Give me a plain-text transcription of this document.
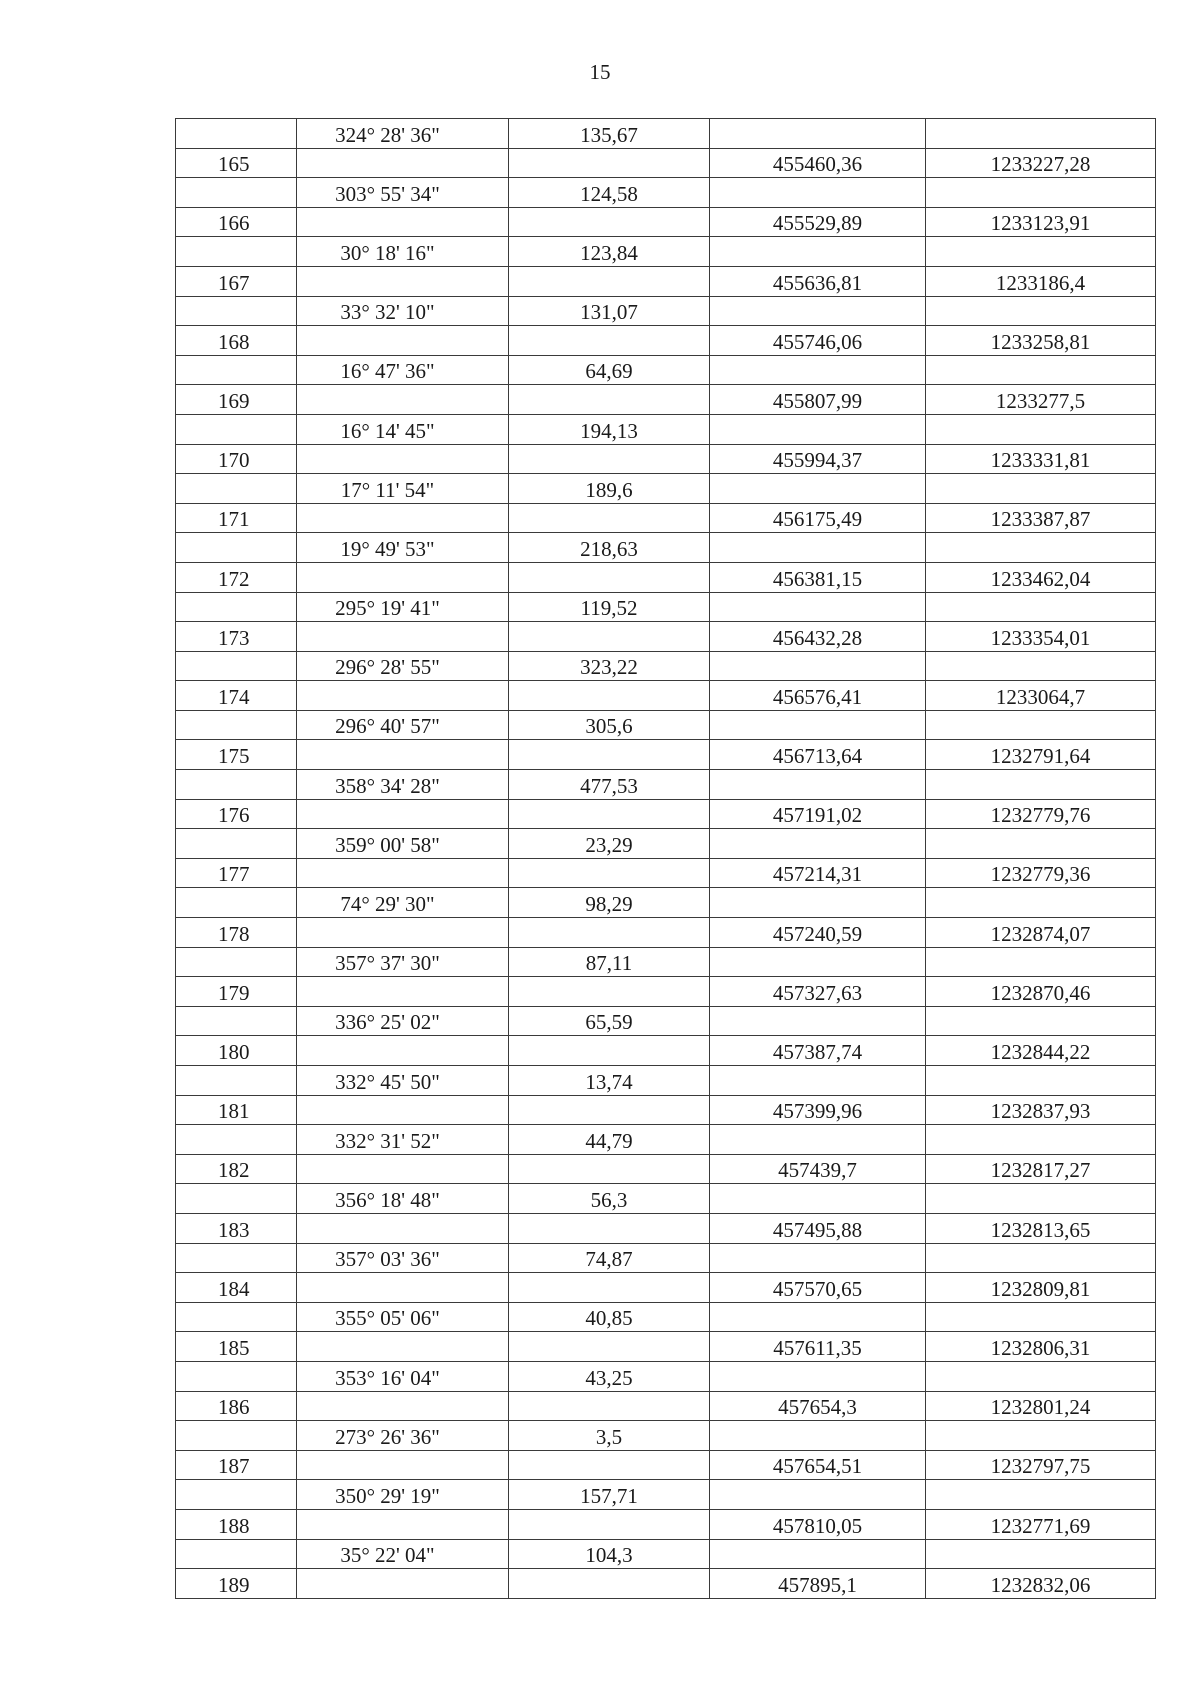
15
	324° 28' 36"	135,67		
165			455460,36	1233227,28
	303° 55' 34"	124,58		
166			455529,89	1233123,91
	30° 18' 16"	123,84		
167			455636,81	1233186,4
	33° 32' 10"	131,07		
168			455746,06	1233258,81
	16° 47' 36"	64,69		
169			455807,99	1233277,5
	16° 14' 45"	194,13		
170			455994,37	1233331,81
	17° 11' 54"	189,6		
171			456175,49	1233387,87
	19° 49' 53"	218,63		
172			456381,15	1233462,04
	295° 19' 41"	119,52		
173			456432,28	1233354,01
	296° 28' 55"	323,22		
174			456576,41	1233064,7
	296° 40' 57"	305,6		
175			456713,64	1232791,64
	358° 34' 28"	477,53		
176			457191,02	1232779,76
	359° 00' 58"	23,29		
177			457214,31	1232779,36
	74° 29' 30"	98,29		
178			457240,59	1232874,07
	357° 37' 30"	87,11		
179			457327,63	1232870,46
	336° 25' 02"	65,59		
180			457387,74	1232844,22
	332° 45' 50"	13,74		
181			457399,96	1232837,93
	332° 31' 52"	44,79		
182			457439,7	1232817,27
	356° 18' 48"	56,3		
183			457495,88	1232813,65
	357° 03' 36"	74,87		
184			457570,65	1232809,81
	355° 05' 06"	40,85		
185			457611,35	1232806,31
	353° 16' 04"	43,25		
186			457654,3	1232801,24
	273° 26' 36"	3,5		
187			457654,51	1232797,75
	350° 29' 19"	157,71		
188			457810,05	1232771,69
	35° 22' 04"	104,3		
189			457895,1	1232832,06
